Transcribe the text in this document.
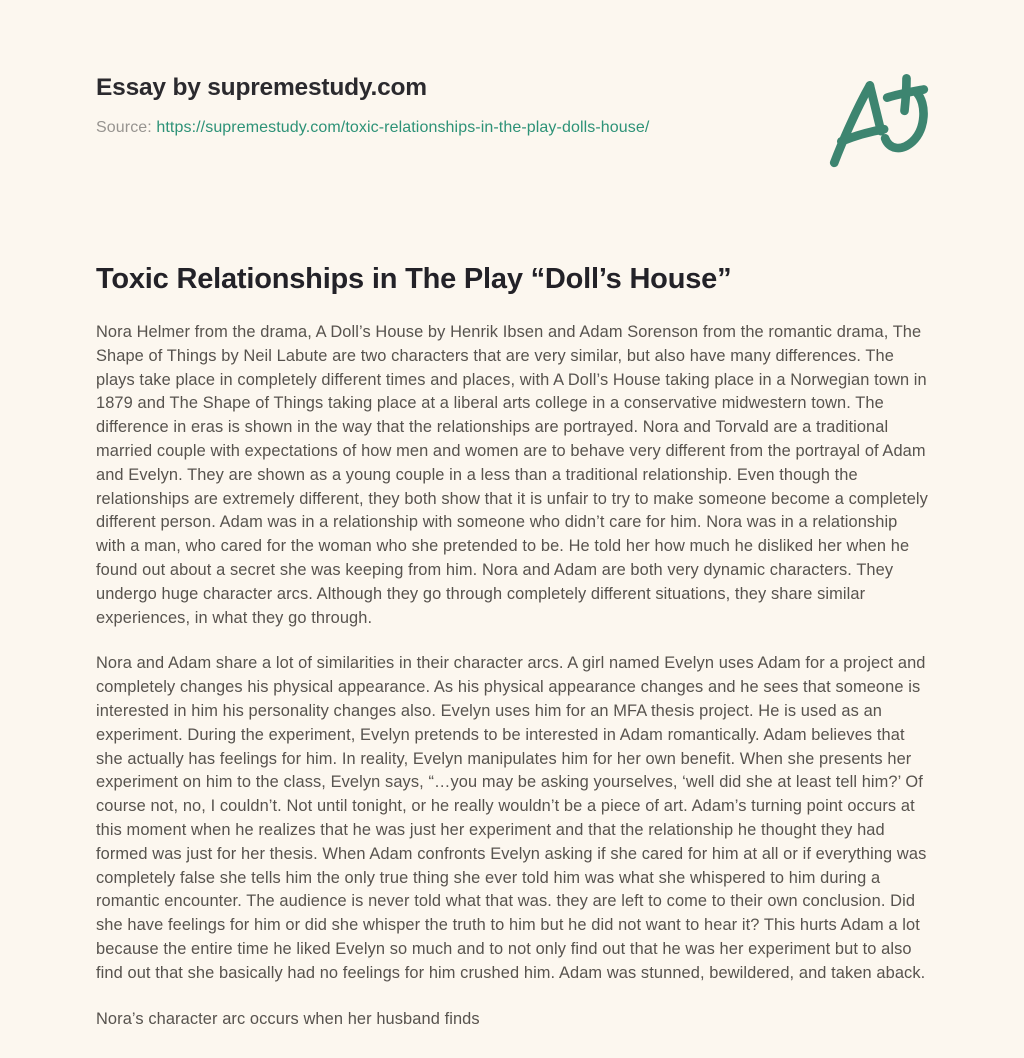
Essay by supremestudy.com

Source: https://supremestudy.com/toxic-relationships-in-the-play-dolls-house/

Toxic Relationships in The Play “Doll’s House”

Nora Helmer from the drama, A Doll’s House by Henrik Ibsen and Adam Sorenson from the romantic drama, The Shape of Things by Neil Labute are two characters that are very similar, but also have many differences. The plays take place in completely different times and places, with A Doll’s House taking place in a Norwegian town in 1879 and The Shape of Things taking place at a liberal arts college in a conservative midwestern town. The difference in eras is shown in the way that the relationships are portrayed. Nora and Torvald are a traditional married couple with expectations of how men and women are to behave very different from the portrayal of Adam and Evelyn. They are shown as a young couple in a less than a traditional relationship. Even though the relationships are extremely different, they both show that it is unfair to try to make someone become a completely different person. Adam was in a relationship with someone who didn’t care for him. Nora was in a relationship with a man, who cared for the woman who she pretended to be. He told her how much he disliked her when he found out about a secret she was keeping from him. Nora and Adam are both very dynamic characters. They undergo huge character arcs. Although they go through completely different situations, they share similar experiences, in what they go through.

Nora and Adam share a lot of similarities in their character arcs. A girl named Evelyn uses Adam for a project and completely changes his physical appearance. As his physical appearance changes and he sees that someone is interested in him his personality changes also. Evelyn uses him for an MFA thesis project. He is used as an experiment. During the experiment, Evelyn pretends to be interested in Adam romantically. Adam believes that she actually has feelings for him. In reality, Evelyn manipulates him for her own benefit. When she presents her experiment on him to the class, Evelyn says, “…you may be asking yourselves, ‘well did she at least tell him?’ Of course not, no, I couldn’t. Not until tonight, or he really wouldn’t be a piece of art. Adam’s turning point occurs at this moment when he realizes that he was just her experiment and that the relationship he thought they had formed was just for her thesis. When Adam confronts Evelyn asking if she cared for him at all or if everything was completely false she tells him the only true thing she ever told him was what she whispered to him during a romantic encounter. The audience is never told what that was. they are left to come to their own conclusion. Did she have feelings for him or did she whisper the truth to him but he did not want to hear it? This hurts Adam a lot because the entire time he liked Evelyn so much and to not only find out that he was her experiment but to also find out that she basically had no feelings for him crushed him. Adam was stunned, bewildered, and taken aback.

Nora’s character arc occurs when her husband finds
